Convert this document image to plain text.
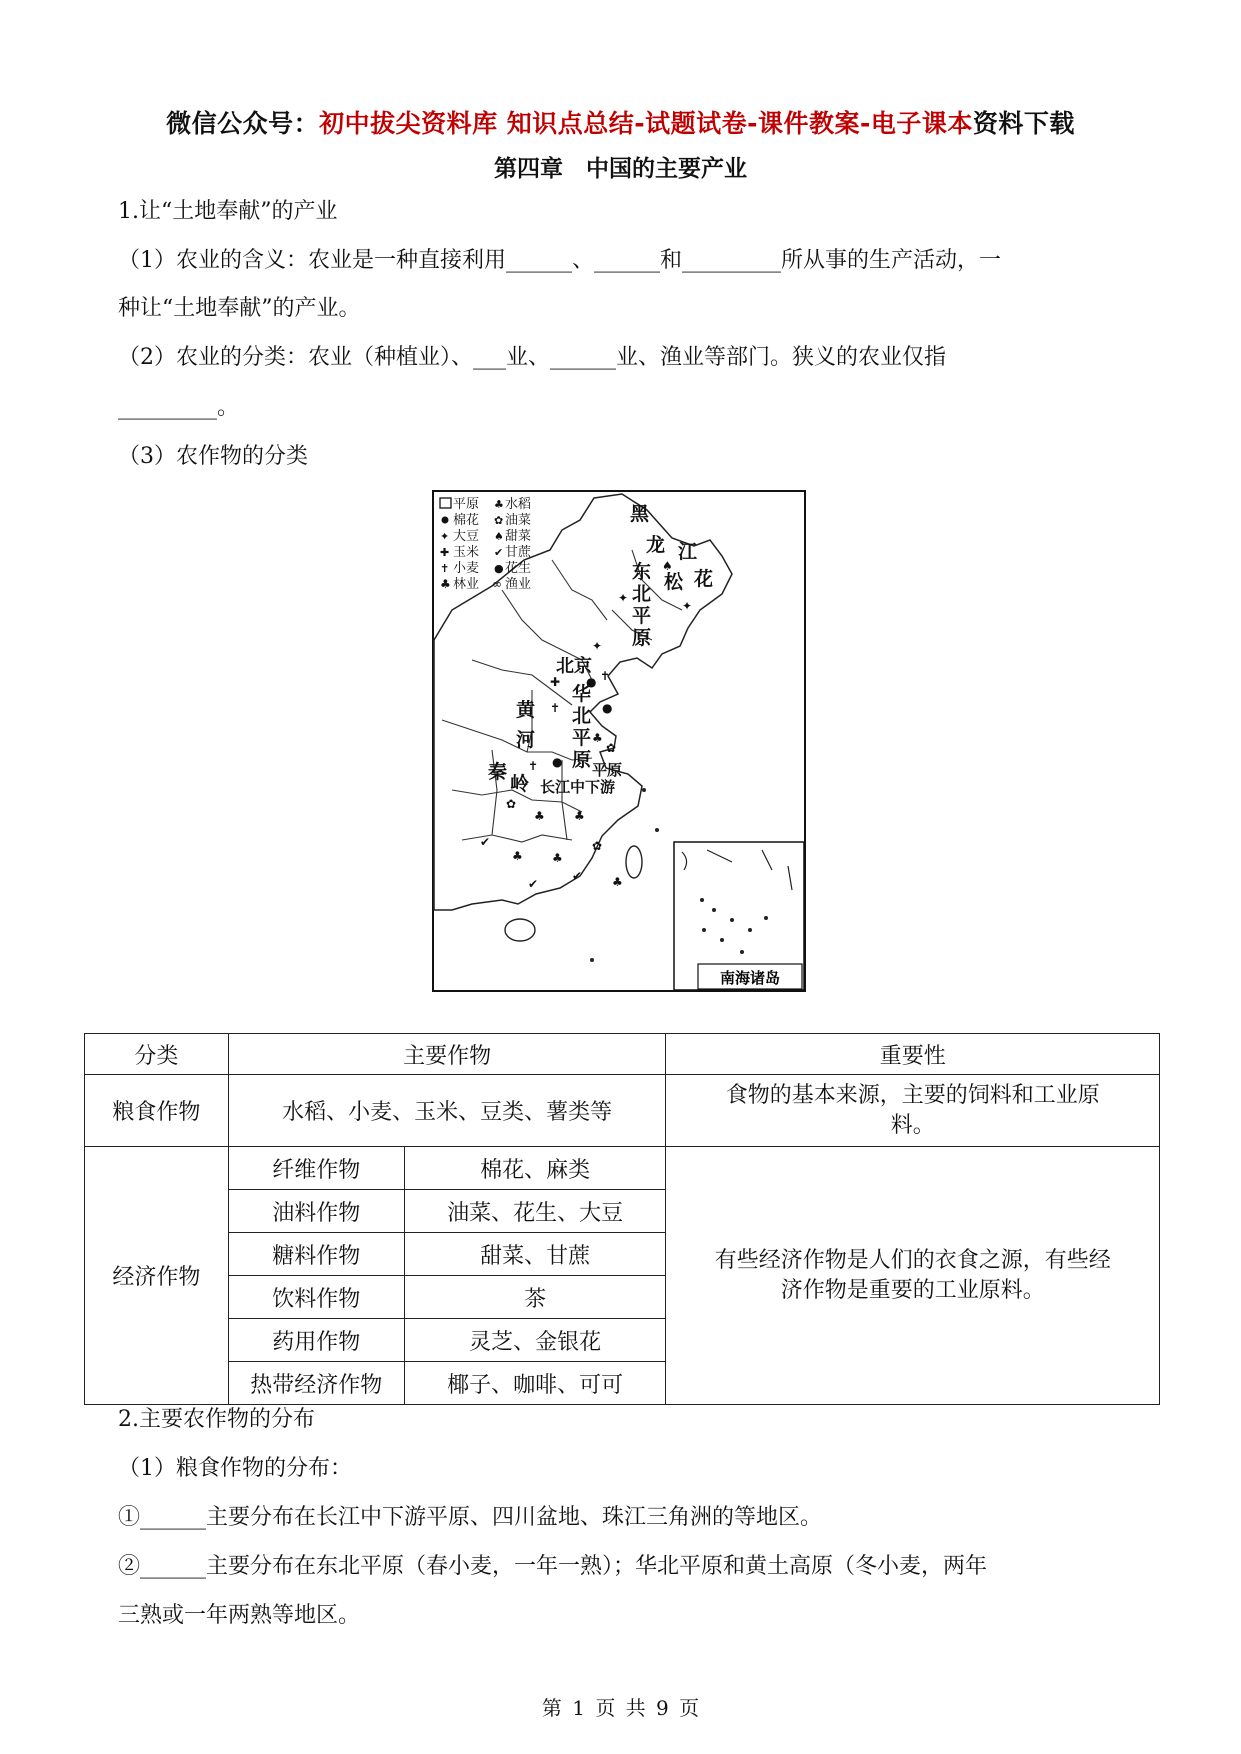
微信公众号：初中拔尖资料库 知识点总结-试题试卷-课件教案-电子课本资料下载
第四章　中国的主要产业
1.让“土地奉献”的产业
（1）农业的含义：农业是一种直接利用______、______和_________所从事的生产活动，一
种让“土地奉献”的产业。
（2）农业的分类：农业（种植业）、___业、______业、渔业等部门。狭义的农业仅指
_________。
（3）农作物的分类
南海诸岛
平原 ♣ 水稻
棉花 ✿ 油菜
✦ 大豆 ♠ 甜菜
✚ 玉米 ✔ 甘蔗
✝ 小麦 ● 花生
♣ 林业 ∞ 渔业
黑
龙 江
松 花
东
北
平
原
北京
华
北
平
原
黄
河
秦
岭 长江中下游
平原
♠
✦
✦
✦
✝
✚ ●
✝	●
♣
✿
✝ ●
✿
♣ ♣
♣ ♣
✿
✔
✔ ♣
✔
分类	主要作物		重要性
粮食作物	水稻、小麦、玉米、豆类、薯类等		食物的基本来源，主要的饲料和工业原
料。

经济作物	纤维作物	棉花、麻类	有些经济作物是人们的衣食之源，有些经
济作物是重要的工业原料。

	油料作物	油菜、花生、大豆	
	糖料作物	甜菜、甘蔗	
	饮料作物	茶	
	药用作物	灵芝、金银花	
	热带经济作物	椰子、咖啡、可可	
2.主要农作物的分布
（1）粮食作物的分布：
①______主要分布在长江中下游平原、四川盆地、珠江三角洲的等地区。
②______主要分布在东北平原（春小麦，一年一熟）；华北平原和黄土高原（冬小麦，两年
三熟或一年两熟等地区。
第 1 页 共 9 页
